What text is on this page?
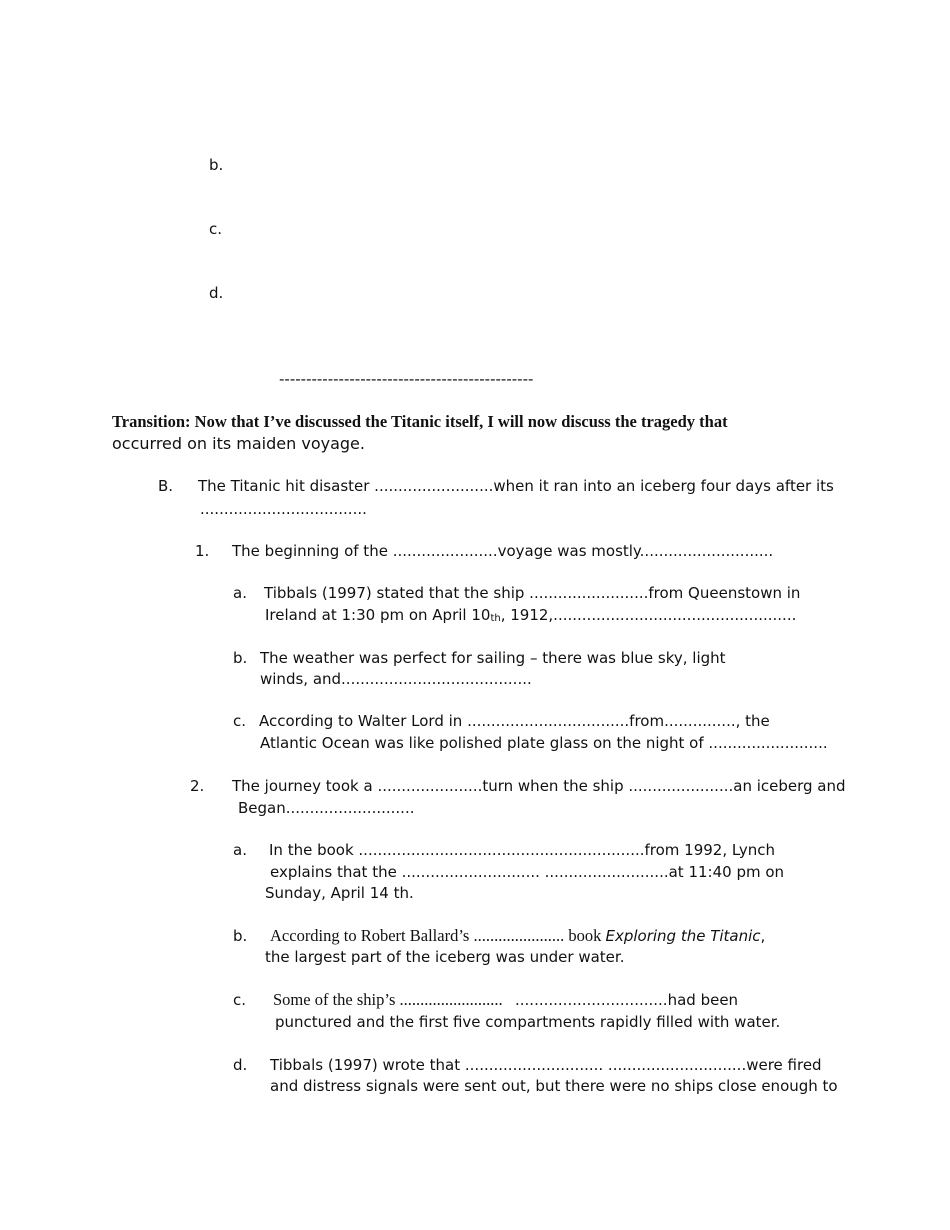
b.
c.
d.
-----------------------------------------------
Transition: Now that I’ve discussed the Titanic itself, I will now discuss the tragedy that
occurred on its maiden voyage.
B. The Titanic hit disaster .........................when it ran into an iceberg four days after its
...................................
1. The beginning of the ......................voyage was mostly............................
a. Tibbals (1997) stated that the ship .........................from Queenstown in
Ireland at 1:30 pm on April $10_{th}$, 1912,...................................................
b. The weather was perfect for sailing – there was blue sky, light
winds, and........................................
c. According to Walter Lord in ..................................from..............., the
Atlantic Ocean was like polished plate glass on the night of .........................
2. The journey took a ......................turn when the ship ......................an iceberg and
Began...........................
a. In the book ............................................................from 1992, Lynch
explains that the ............................. ..........................at 11:40 pm on
Sunday, April 14 th.
b. According to Robert Ballard’s ...................... book Exploring the Titanic,
the largest part of the iceberg was under water.
c. Some of the ship’s .........................   ................................had been
punctured and the first five compartments rapidly filled with water.
d. Tibbals (1997) wrote that ............................. .............................were fired
and distress signals were sent out, but there were no ships close enough to
